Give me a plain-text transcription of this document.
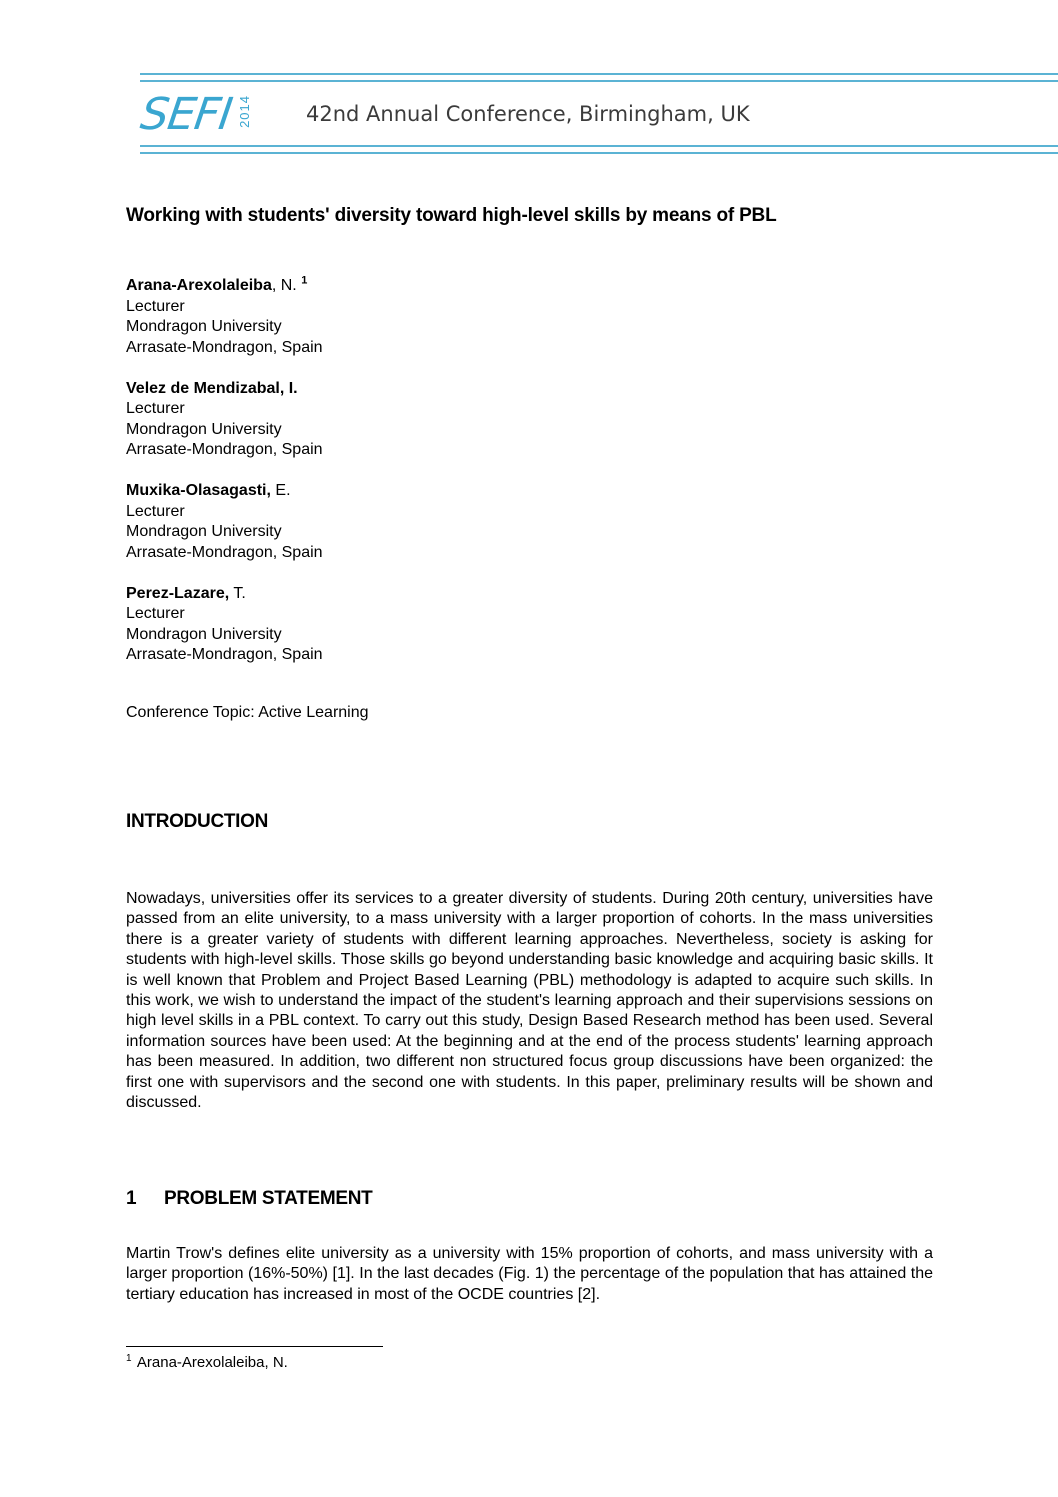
SEFI 2014	42nd Annual Conference, Birmingham, UK
Working with students' diversity toward high-level skills by means of PBL
Arana-Arexolaleiba, N. $^1$
Lecturer
Mondragon University
Arrasate-Mondragon, Spain
Velez de Mendizabal, I.
Lecturer
Mondragon University
Arrasate-Mondragon, Spain
Muxika-Olasagasti, E.
Lecturer
Mondragon University
Arrasate-Mondragon, Spain
Perez-Lazare, T.
Lecturer
Mondragon University
Arrasate-Mondragon, Spain
Conference Topic: Active Learning
INTRODUCTION
Nowadays, universities offer its services to a greater diversity of students. During 20th century, universities have passed from an elite university, to a mass university with a larger proportion of cohorts. In the mass universities there is a greater variety of students with different learning approaches. Nevertheless, society is asking for students with high-level skills. Those skills go beyond understanding basic knowledge and acquiring basic skills. It is well known that Problem and Project Based Learning (PBL) methodology is adapted to acquire such skills. In this work, we wish to understand the impact of the student's learning approach and their supervisions sessions on high level skills in a PBL context. To carry out this study, Design Based Research method has been used. Several information sources have been used: At the beginning and at the end of the process students' learning approach has been measured. In addition, two different non structured focus group discussions have been organized: the first one with supervisors and the second one with students. In this paper, preliminary results will be shown and discussed.
1 PROBLEM STATEMENT
Martin Trow's defines elite university as a university with 15% proportion of cohorts, and mass university with a larger proportion (16%-50%) [1]. In the last decades (Fig. 1) the percentage of the population that has attained the tertiary education has increased in most of the OCDE countries [2].
$^1$ Arana-Arexolaleiba, N.
